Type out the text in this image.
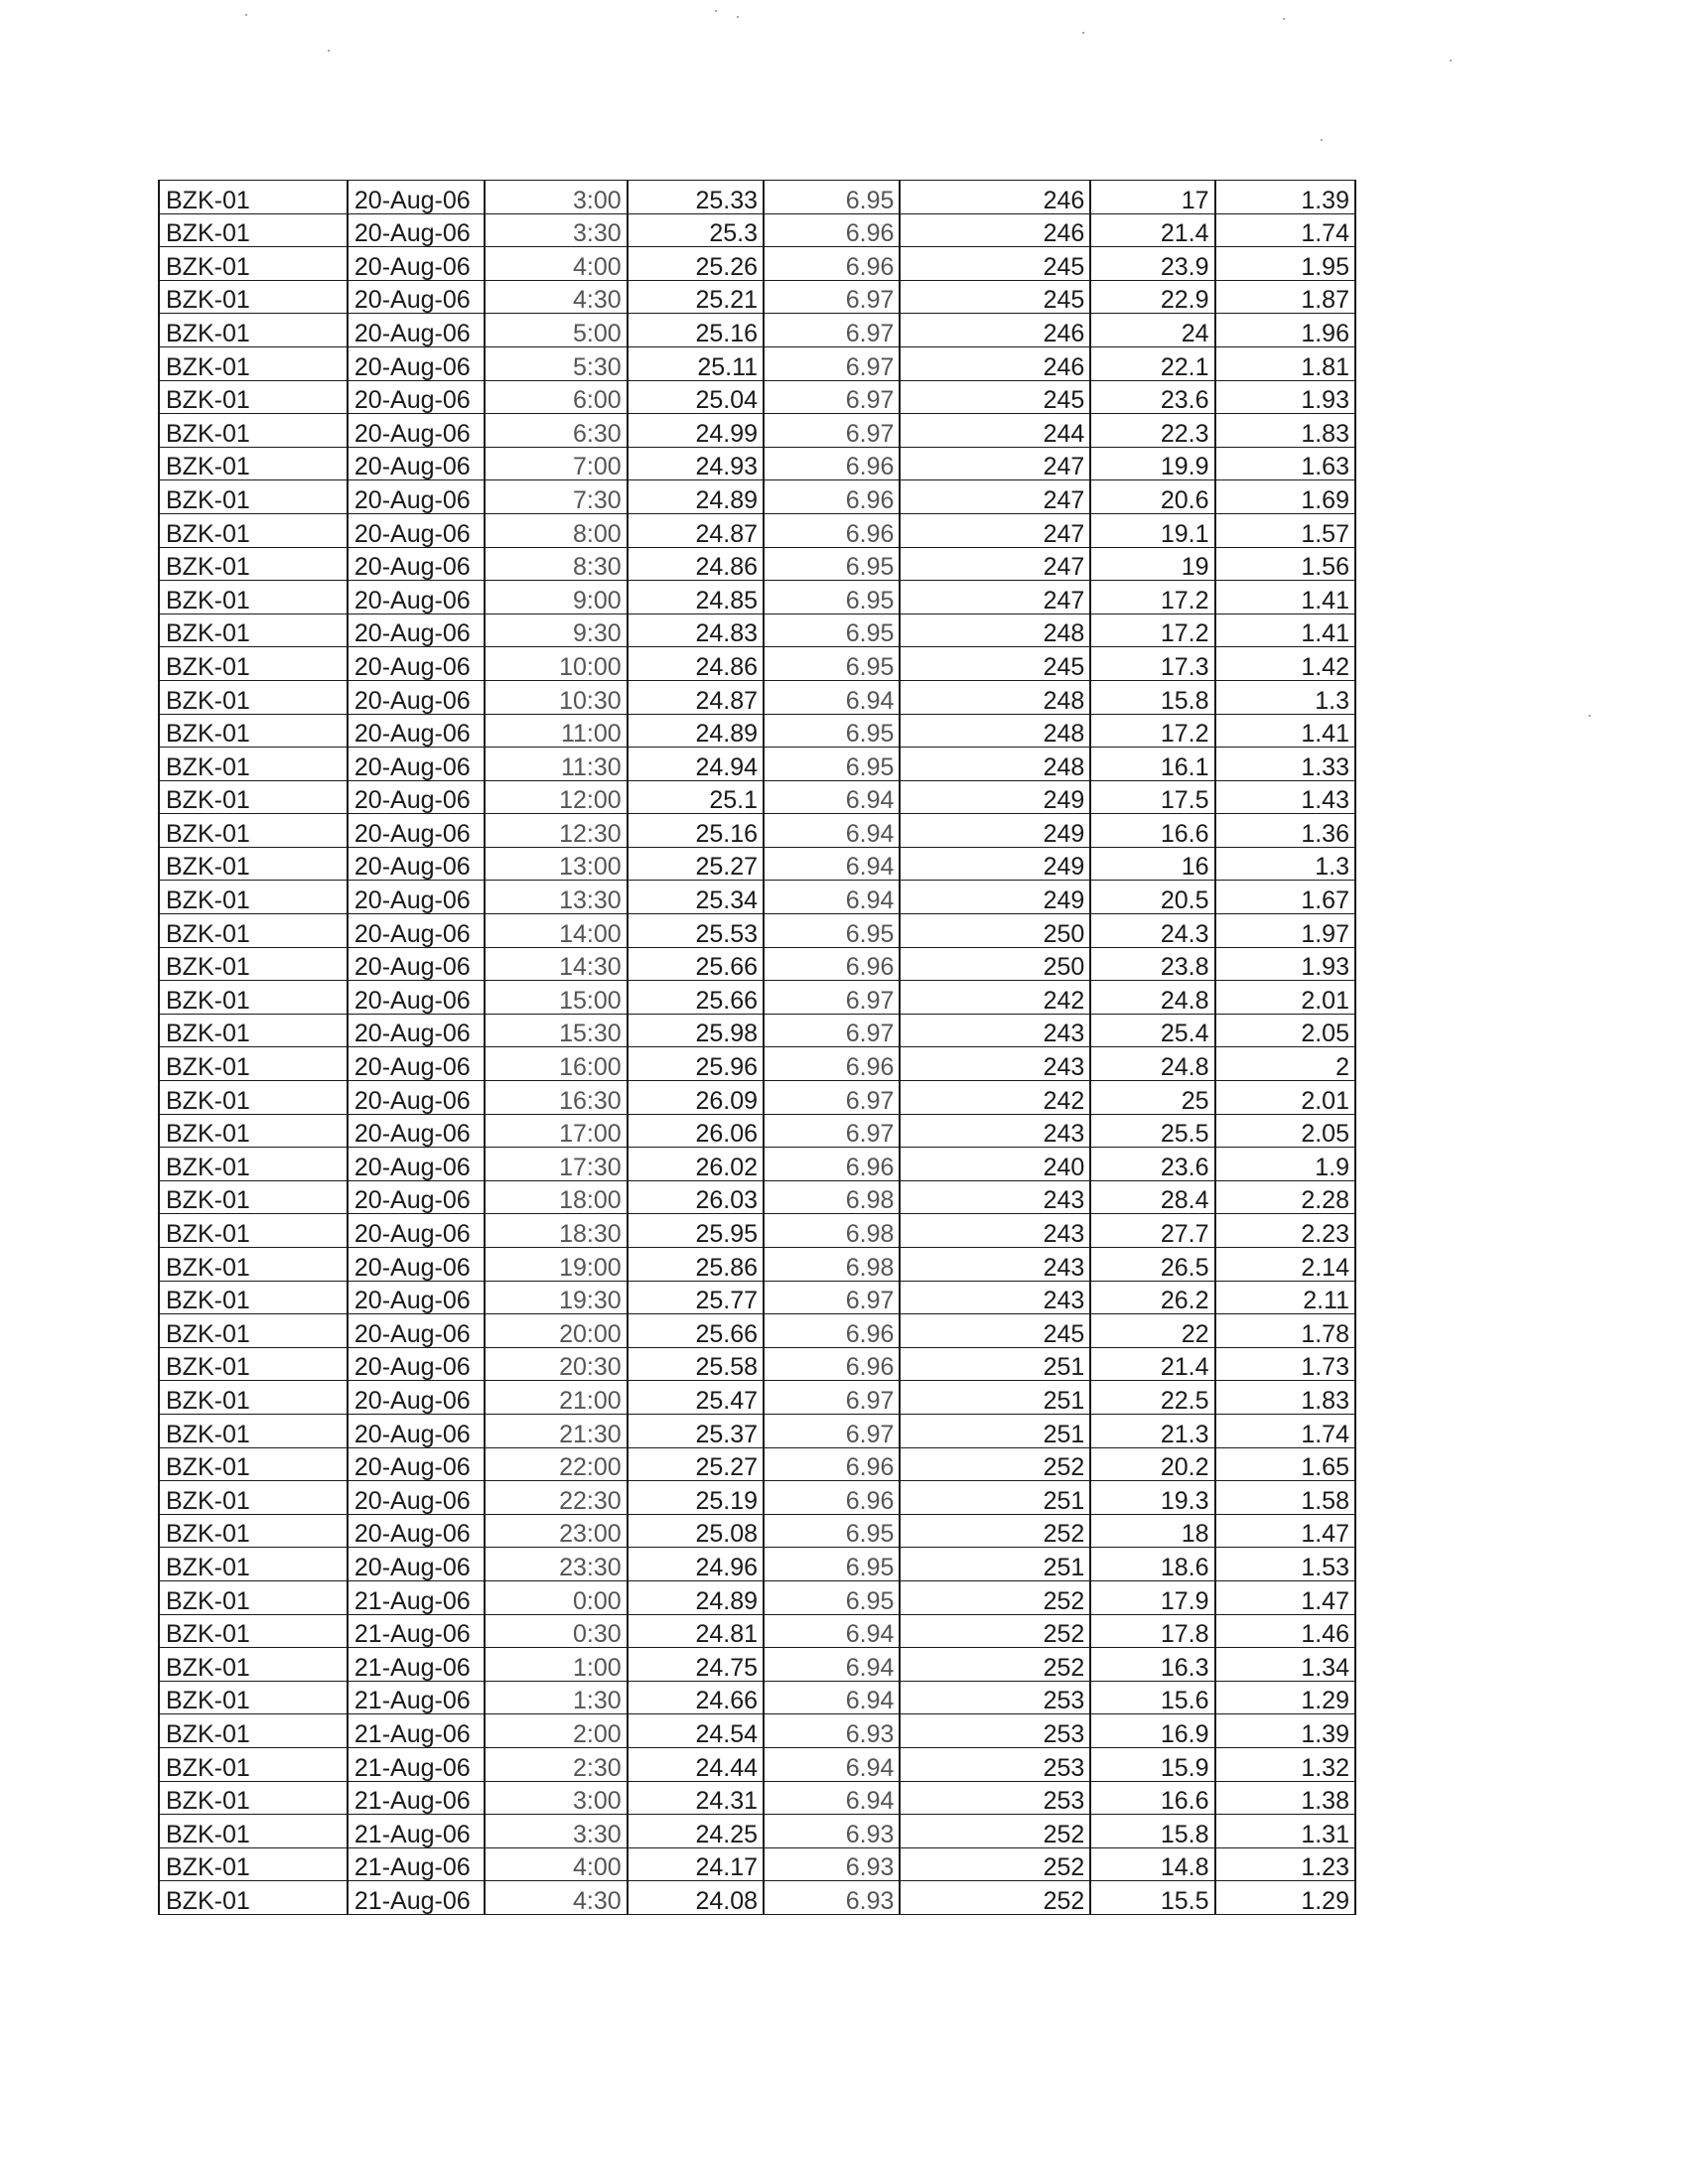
BZK-01	20-Aug-06	3:00	25.33	6.95	246	17	1.39
BZK-01	20-Aug-06	3:30	25.3	6.96	246	21.4	1.74
BZK-01	20-Aug-06	4:00	25.26	6.96	245	23.9	1.95
BZK-01	20-Aug-06	4:30	25.21	6.97	245	22.9	1.87
BZK-01	20-Aug-06	5:00	25.16	6.97	246	24	1.96
BZK-01	20-Aug-06	5:30	25.11	6.97	246	22.1	1.81
BZK-01	20-Aug-06	6:00	25.04	6.97	245	23.6	1.93
BZK-01	20-Aug-06	6:30	24.99	6.97	244	22.3	1.83
BZK-01	20-Aug-06	7:00	24.93	6.96	247	19.9	1.63
BZK-01	20-Aug-06	7:30	24.89	6.96	247	20.6	1.69
BZK-01	20-Aug-06	8:00	24.87	6.96	247	19.1	1.57
BZK-01	20-Aug-06	8:30	24.86	6.95	247	19	1.56
BZK-01	20-Aug-06	9:00	24.85	6.95	247	17.2	1.41
BZK-01	20-Aug-06	9:30	24.83	6.95	248	17.2	1.41
BZK-01	20-Aug-06	10:00	24.86	6.95	245	17.3	1.42
BZK-01	20-Aug-06	10:30	24.87	6.94	248	15.8	1.3
BZK-01	20-Aug-06	11:00	24.89	6.95	248	17.2	1.41
BZK-01	20-Aug-06	11:30	24.94	6.95	248	16.1	1.33
BZK-01	20-Aug-06	12:00	25.1	6.94	249	17.5	1.43
BZK-01	20-Aug-06	12:30	25.16	6.94	249	16.6	1.36
BZK-01	20-Aug-06	13:00	25.27	6.94	249	16	1.3
BZK-01	20-Aug-06	13:30	25.34	6.94	249	20.5	1.67
BZK-01	20-Aug-06	14:00	25.53	6.95	250	24.3	1.97
BZK-01	20-Aug-06	14:30	25.66	6.96	250	23.8	1.93
BZK-01	20-Aug-06	15:00	25.66	6.97	242	24.8	2.01
BZK-01	20-Aug-06	15:30	25.98	6.97	243	25.4	2.05
BZK-01	20-Aug-06	16:00	25.96	6.96	243	24.8	2
BZK-01	20-Aug-06	16:30	26.09	6.97	242	25	2.01
BZK-01	20-Aug-06	17:00	26.06	6.97	243	25.5	2.05
BZK-01	20-Aug-06	17:30	26.02	6.96	240	23.6	1.9
BZK-01	20-Aug-06	18:00	26.03	6.98	243	28.4	2.28
BZK-01	20-Aug-06	18:30	25.95	6.98	243	27.7	2.23
BZK-01	20-Aug-06	19:00	25.86	6.98	243	26.5	2.14
BZK-01	20-Aug-06	19:30	25.77	6.97	243	26.2	2.11
BZK-01	20-Aug-06	20:00	25.66	6.96	245	22	1.78
BZK-01	20-Aug-06	20:30	25.58	6.96	251	21.4	1.73
BZK-01	20-Aug-06	21:00	25.47	6.97	251	22.5	1.83
BZK-01	20-Aug-06	21:30	25.37	6.97	251	21.3	1.74
BZK-01	20-Aug-06	22:00	25.27	6.96	252	20.2	1.65
BZK-01	20-Aug-06	22:30	25.19	6.96	251	19.3	1.58
BZK-01	20-Aug-06	23:00	25.08	6.95	252	18	1.47
BZK-01	20-Aug-06	23:30	24.96	6.95	251	18.6	1.53
BZK-01	21-Aug-06	0:00	24.89	6.95	252	17.9	1.47
BZK-01	21-Aug-06	0:30	24.81	6.94	252	17.8	1.46
BZK-01	21-Aug-06	1:00	24.75	6.94	252	16.3	1.34
BZK-01	21-Aug-06	1:30	24.66	6.94	253	15.6	1.29
BZK-01	21-Aug-06	2:00	24.54	6.93	253	16.9	1.39
BZK-01	21-Aug-06	2:30	24.44	6.94	253	15.9	1.32
BZK-01	21-Aug-06	3:00	24.31	6.94	253	16.6	1.38
BZK-01	21-Aug-06	3:30	24.25	6.93	252	15.8	1.31
BZK-01	21-Aug-06	4:00	24.17	6.93	252	14.8	1.23
BZK-01	21-Aug-06	4:30	24.08	6.93	252	15.5	1.29
